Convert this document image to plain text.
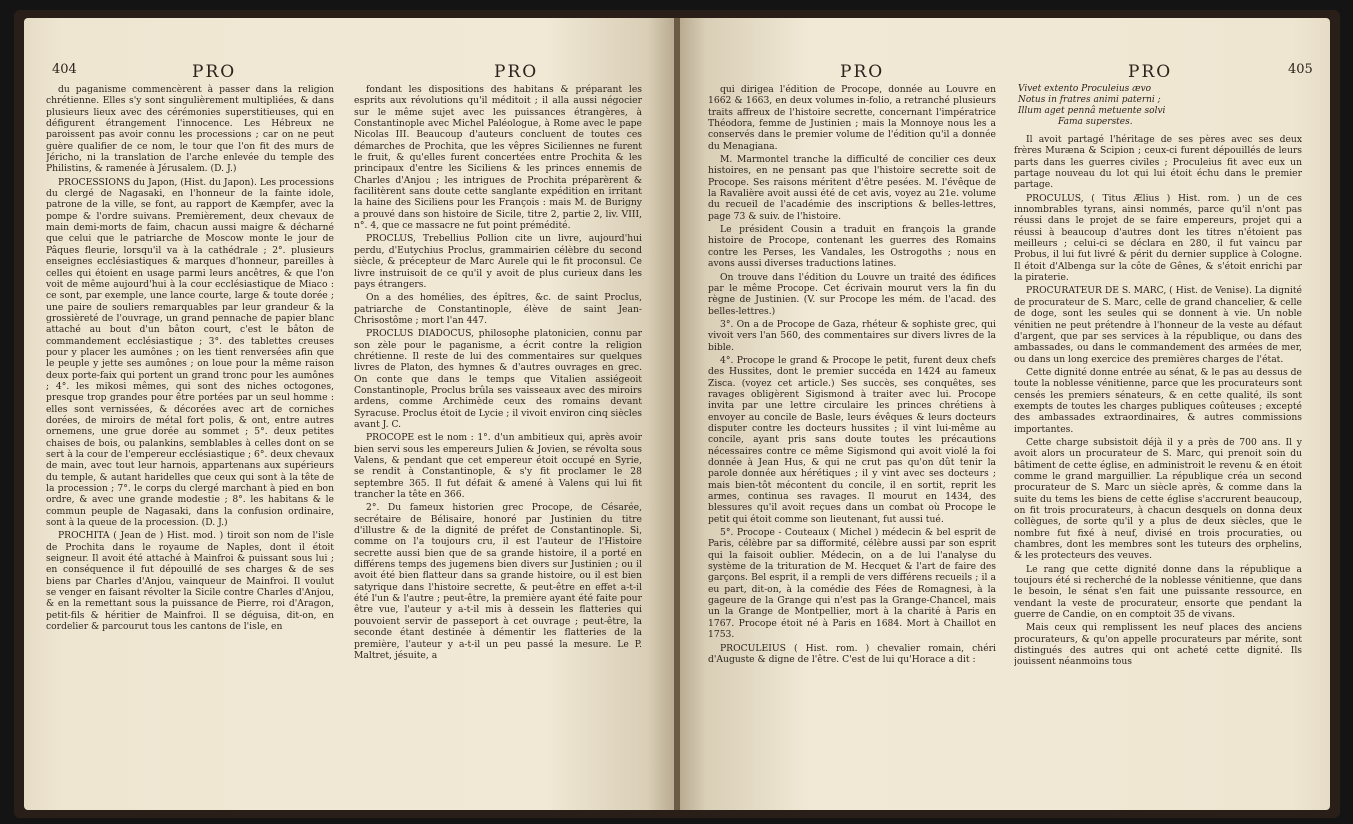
404	PRO	PRO

du paganisme commencèrent à passer dans la religion chrétienne. Elles s'y sont singulièrement multipliées, & dans plusieurs lieux avec des cérémonies superstitieuses, qui en défigurent étrangement l'innocence. Les Hébreux ne paroissent pas avoir connu les processions ; car on ne peut guère qualifier de ce nom, le tour que l'on fit des murs de Jéricho, ni la translation de l'arche enlevée du temple des Philistins, & ramenée à Jérusalem. (D. J.)

PROCESSIONS du Japon, (Hist. du Japon). Les processions du clergé de Nagasaki, en l'honneur de la fainte idole, patrone de la ville, se font, au rapport de Kæmpfer, avec la pompe & l'ordre suivans. Premièrement, deux chevaux de main demi-morts de faim, chacun aussi maigre & décharné que celui que le patriarche de Moscow monte le jour de Pâques fleurie, lorsqu'il va à la cathédrale ; 2°. plusieurs enseignes ecclésiastiques & marques d'honneur, pareilles à celles qui étoient en usage parmi leurs ancêtres, & que l'on voit de même aujourd'hui à la cour ecclésiastique de Miaco : ce sont, par exemple, une lance courte, large & toute dorée ; une paire de souliers remarquables par leur grandeur & la grossièreté de l'ouvrage, un grand pennache de papier blanc attaché au bout d'un bâton court, c'est le bâton de commandement ecclésiastique ; 3°. des tablettes creuses pour y placer les aumônes ; on les tient renversées afin que le peuple y jette ses aumônes ; on loue pour la même raison deux porte-faix qui portent un grand tronc pour les aumônes ; 4°. les mikosi mêmes, qui sont des niches octogones, presque trop grandes pour être portées par un seul homme : elles sont vernissées, & décorées avec art de corniches dorées, de miroirs de métal fort polis, & ont, entre autres ornemens, une grue dorée au sommet ; 5°. deux petites chaises de bois, ou palankins, semblables à celles dont on se sert à la cour de l'empereur ecclésiastique ; 6°. deux chevaux de main, avec tout leur harnois, appartenans aux supérieurs du temple, & autant haridelles que ceux qui sont à la tête de la procession ; 7°. le corps du clergé marchant à pied en bon ordre, & avec une grande modestie ; 8°. les habitans & le commun peuple de Nagasaki, dans la confusion ordinaire, sont à la queue de la procession. (D. J.)

PROCHITA ( Jean de ) Hist. mod. ) tiroit son nom de l'isle de Prochita dans le royaume de Naples, dont il étoit seigneur. Il avoit été attaché à Mainfroi & puissant sous lui ; en conséquence il fut dépouillé de ses charges & de ses biens par Charles d'Anjou, vainqueur de Mainfroi. Il voulut se venger en faisant révolter la Sicile contre Charles d'Anjou, & en la remettant sous la puissance de Pierre, roi d'Aragon, petit-fils & héritier de Mainfroi. Il se déguisa, dit-on, en cordelier & parcourut tous les cantons de l'isle, en

fondant les dispositions des habitans & préparant les esprits aux révolutions qu'il méditoit ; il alla aussi négocier sur le même sujet avec les puissances étrangères, à Constantinople avec Michel Paléologue, à Rome avec le pape Nicolas III. Beaucoup d'auteurs concluent de toutes ces démarches de Prochita, que les vêpres Siciliennes ne furent le fruit, & qu'elles furent concertées entre Prochita & les principaux d'entre les Siciliens & les princes ennemis de Charles d'Anjou ; les intrigues de Prochita préparèrent & facilitèrent sans doute cette sanglante expédition en irritant la haine des Siciliens pour les François : mais M. de Burigny a prouvé dans son histoire de Sicile, titre 2, partie 2, liv. VIII, n°. 4, que ce massacre ne fut point prémédité.

PROCLUS, Trebellius Pollion cite un livre, aujourd'hui perdu, d'Eutychius Proclus, grammairien célèbre du second siècle, & précepteur de Marc Aurele qui le fit proconsul. Ce livre instruisoit de ce qu'il y avoit de plus curieux dans les pays étrangers.

On a des homélies, des épîtres, &c. de saint Proclus, patriarche de Constantinople, élève de saint Jean-Chrisostôme ; mort l'an 447.

PROCLUS DIADOCUS, philosophe platonicien, connu par son zèle pour le paganisme, a écrit contre la religion chrétienne. Il reste de lui des commentaires sur quelques livres de Platon, des hymnes & d'autres ouvrages en grec. On conte que dans le temps que Vitalien assiégeoit Constantinople, Proclus brûla ses vaisseaux avec des miroirs ardens, comme Archimède ceux des romains devant Syracuse. Proclus étoit de Lycie ; il vivoit environ cinq siècles avant J. C.

PROCOPE est le nom : 1°. d'un ambitieux qui, après avoir bien servi sous les empereurs Julien & Jovien, se révolta sous Valens, & pendant que cet empereur étoit occupé en Syrie, se rendit à Constantinople, & s'y fit proclamer le 28 septembre 365. Il fut défait & amené à Valens qui lui fit trancher la tête en 366.

2°. Du fameux historien grec Procope, de Césarée, secrétaire de Bélisaire, honoré par Justinien du titre d'illustre & de la dignité de préfet de Constantinople. Si, comme on l'a toujours cru, il est l'auteur de l'Histoire secrette aussi bien que de sa grande histoire, il a porté en différens temps des jugemens bien divers sur Justinien ; ou il avoit été bien flatteur dans sa grande histoire, ou il est bien satyrique dans l'histoire secrette, & peut-être en effet a-t-il été l'un & l'autre ; peut-être, la première ayant été faite pour être vue, l'auteur y a-t-il mis à dessein les flatteries qui pouvoient servir de passeport à cet ouvrage ; peut-être, la seconde étant destinée à démentir les flatteries de la première, l'auteur y a-t-il un peu passé la mesure. Le P. Maltret, jésuite, a

PRO	PRO	405

qui dirigea l'édition de Procope, donnée au Louvre en 1662 & 1663, en deux volumes in-folio, a retranché plusieurs traits affreux de l'histoire secrette, concernant l'impératrice Théodora, femme de Justinien ; mais la Monnoye nous les a conservés dans le premier volume de l'édition qu'il a donnée du Menagiana.

M. Marmontel tranche la difficulté de concilier ces deux histoires, en ne pensant pas que l'histoire secrette soit de Procope. Ses raisons méritent d'être pesées. M. l'évêque de la Ravalière avoit aussi été de cet avis, voyez au 21e. volume du recueil de l'académie des inscriptions & belles-lettres, page 73 & suiv. de l'histoire.

Le président Cousin a traduit en françois la grande histoire de Procope, contenant les guerres des Romains contre les Perses, les Vandales, les Ostrogoths ; nous en avons aussi diverses traductions latines.

On trouve dans l'édition du Louvre un traité des édifices par le même Procope. Cet écrivain mourut vers la fin du règne de Justinien. (V. sur Procope les mém. de l'acad. des belles-lettres.)

3°. On a de Procope de Gaza, rhéteur & sophiste grec, qui vivoit vers l'an 560, des commentaires sur divers livres de la bible.

4°. Procope le grand & Procope le petit, furent deux chefs des Hussites, dont le premier succéda en 1424 au fameux Zisca. (voyez cet article.) Ses succès, ses conquêtes, ses ravages obligèrent Sigismond à traiter avec lui. Procope invita par une lettre circulaire les princes chrétiens à envoyer au concile de Basle, leurs évêques & leurs docteurs disputer contre les docteurs hussites ; il vint lui-même au concile, ayant pris sans doute toutes les précautions nécessaires contre ce même Sigismond qui avoit violé la foi donnée à Jean Hus, & qui ne crut pas qu'on dût tenir la parole donnée aux hérétiques ; il y vint avec ses docteurs ; mais bien-tôt mécontent du concile, il en sortit, reprit les armes, continua ses ravages. Il mourut en 1434, des blessures qu'il avoit reçues dans un combat où Procope le petit qui étoit comme son lieutenant, fut aussi tué.

5°. Procope - Couteaux ( Michel ) médecin & bel esprit de Paris, célèbre par sa difformité, célèbre aussi par son esprit qui la faisoit oublier. Médecin, on a de lui l'analyse du système de la trituration de M. Hecquet & l'art de faire des garçons. Bel esprit, il a rempli de vers différens recueils ; il a eu part, dit-on, à la comédie des Fées de Romagnesi, à la gageure de la Grange qui n'est pas la Grange-Chancel, mais un la Grange de Montpellier, mort à la charité à Paris en 1767. Procope étoit né à Paris en 1684. Mort à Chaillot en 1753.

PROCULEIUS ( Hist. rom. ) chevalier romain, chéri d'Auguste & digne de l'être. C'est de lui qu'Horace a dit :

Vivet extento Proculeius ævo
Notus in fratres animi paterni ;
Illum aget pennâ metuente solvi
Fama superstes.

Il avoit partagé l'héritage de ses pères avec ses deux frères Muræna & Scipion ; ceux-ci furent dépouillés de leurs parts dans les guerres civiles ; Proculeius fit avec eux un partage nouveau du lot qui lui étoit échu dans le premier partage.

PROCULUS, ( Titus Ælius ) Hist. rom. ) un de ces innombrables tyrans, ainsi nommés, parce qu'il n'ont pas réussi dans le projet de se faire empereurs, projet qui a réussi à beaucoup d'autres dont les titres n'étoient pas meilleurs ; celui-ci se déclara en 280, il fut vaincu par Probus, il lui fut livré & périt du dernier supplice à Cologne. Il étoit d'Albenga sur la côte de Gênes, & s'étoit enrichi par la piraterie.

PROCURATEUR DE S. MARC, ( Hist. de Venise). La dignité de procurateur de S. Marc, celle de grand chancelier, & celle de doge, sont les seules qui se donnent à vie. Un noble vénitien ne peut prétendre à l'honneur de la veste au défaut d'argent, que par ses services à la république, ou dans des ambassades, ou dans le commandement des armées de mer, ou dans un long exercice des premières charges de l'état.

Cette dignité donne entrée au sénat, & le pas au dessus de toute la noblesse vénitienne, parce que les procurateurs sont censés les premiers sénateurs, & en cette qualité, ils sont exempts de toutes les charges publiques coûteuses ; excepté des ambassades extraordinaires, & autres commissions importantes.

Cette charge subsistoit déjà il y a près de 700 ans. Il y avoit alors un procurateur de S. Marc, qui prenoit soin du bâtiment de cette église, en administroit le revenu & en étoit comme le grand marguillier. La république créa un second procurateur de S. Marc un siècle après, & comme dans la suite du tems les biens de cette église s'accrurent beaucoup, on fit trois procurateurs, à chacun desquels on donna deux collègues, de sorte qu'il y a plus de deux siècles, que le nombre fut fixé à neuf, divisé en trois procuraties, ou chambres, dont les membres sont les tuteurs des orphelins, & les protecteurs des veuves.

Le rang que cette dignité donne dans la république a toujours été si recherché de la noblesse vénitienne, que dans le besoin, le sénat s'en fait une puissante ressource, en vendant la veste de procurateur, ensorte que pendant la guerre de Candie, on en comptoit 35 de vivans.

Mais ceux qui remplissent les neuf places des anciens procurateurs, & qu'on appelle procurateurs par mérite, sont distingués des autres qui ont acheté cette dignité. Ils jouissent néanmoins tous
